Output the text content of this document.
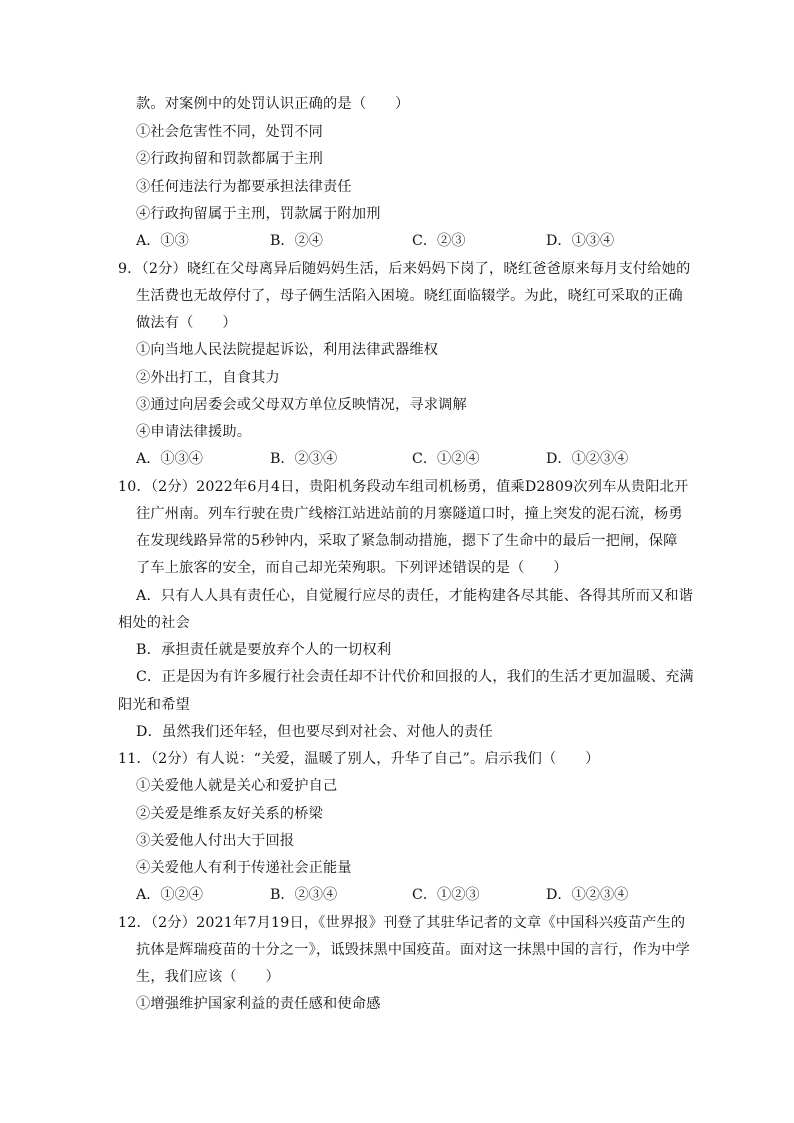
款。对案例中的处罚认识正确的是（　　）
①社会危害性不同，处罚不同
②行政拘留和罚款都属于主刑
③任何违法行为都要承担法律责任
④行政拘留属于主刑，罚款属于附加刑
A．①③	B．②④	C．②③	D．①③④
9．（2分）晓红在父母离异后随妈妈生活，后来妈妈下岗了，晓红爸爸原来每月支付给她的
生活费也无故停付了，母子俩生活陷入困境。晓红面临辍学。为此，晓红可采取的正确
做法有（　　）
①向当地人民法院提起诉讼，利用法律武器维权
②外出打工，自食其力
③通过向居委会或父母双方单位反映情况，寻求调解
④申请法律援助。
A．①③④	B．②③④	C．①②④	D．①②③④
10．（2分）2022年6月4日，贵阳机务段动车组司机杨勇，值乘D2809次列车从贵阳北开
往广州南。列车行驶在贵广线榕江站进站前的月寨隧道口时，撞上突发的泥石流，杨勇
在发现线路异常的5秒钟内，采取了紧急制动措施，摁下了生命中的最后一把闸，保障
了车上旅客的安全，而自己却光荣殉职。下列评述错误的是（　　）
A．只有人人具有责任心，自觉履行应尽的责任，才能构建各尽其能、各得其所而又和谐
相处的社会
B．承担责任就是要放弃个人的一切权利
C．正是因为有许多履行社会责任却不计代价和回报的人，我们的生活才更加温暖、充满
阳光和希望
D．虽然我们还年轻，但也要尽到对社会、对他人的责任
11．（2分）有人说：“关爱，温暖了别人，升华了自己”。启示我们（　　）
①关爱他人就是关心和爱护自己
②关爱是维系友好关系的桥梁
③关爱他人付出大于回报
④关爱他人有利于传递社会正能量
A．①②④	B．②③④	C．①②③	D．①②③④
12．（2分）2021年7月19日，《世界报》刊登了其驻华记者的文章《中国科兴疫苗产生的
抗体是辉瑞疫苗的十分之一》，诋毁抹黑中国疫苗。面对这一抹黑中国的言行，作为中学
生，我们应该（　　）
①增强维护国家利益的责任感和使命感
